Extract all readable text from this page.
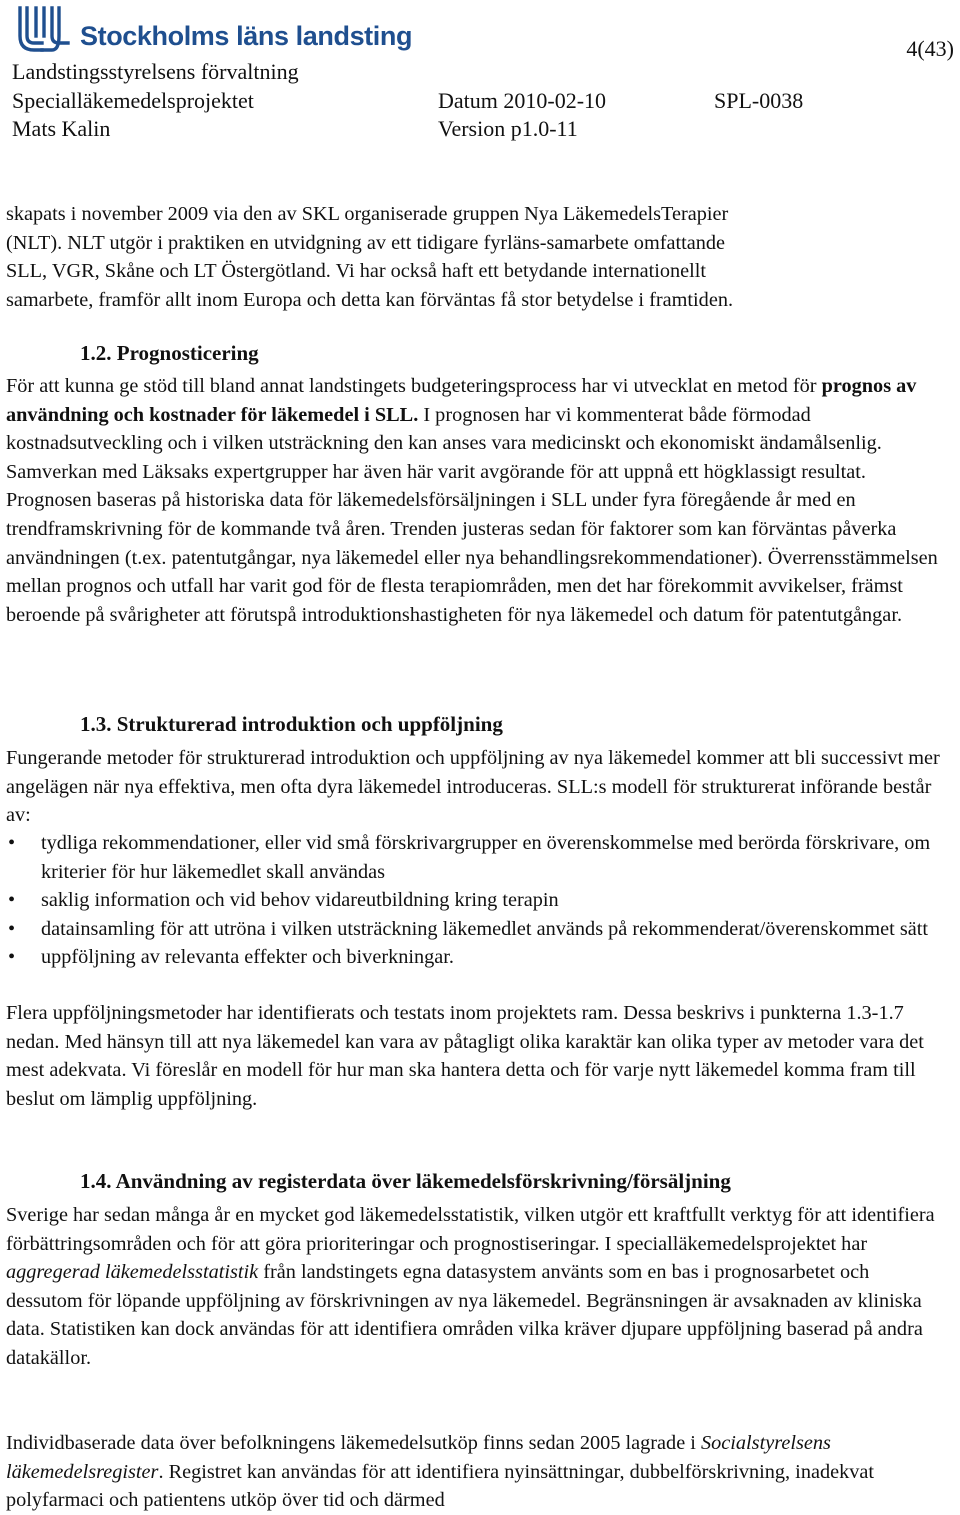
Stockholms läns landsting	4(43)
Landstingsstyrelsens förvaltning
Specialläkemedelsprojektet	Datum 2010-02-10	SPL-0038
Mats Kalin	Version p1.0-11
skapats i november 2009 via den av SKL organiserade gruppen Nya LäkemedelsTerapier
(NLT). NLT utgör i praktiken en utvidgning av ett tidigare fyrläns-samarbete omfattande
SLL, VGR, Skåne och LT Östergötland. Vi har också haft ett betydande internationellt
samarbete, framför allt inom Europa och detta kan förväntas få stor betydelse i framtiden.
1.2. Prognosticering

För att kunna ge stöd till bland annat landstingets budgeteringsprocess har vi utvecklat en metod för prognos av användning och kostnader för läkemedel i SLL. I prognosen har vi kommenterat både förmodad kostnadsutveckling och i vilken utsträckning den kan anses vara medicinskt och ekonomiskt ändamålsenlig. Samverkan med Läksaks expertgrupper har även här varit avgörande för att uppnå ett högklassigt resultat. Prognosen baseras på historiska data för läkemedelsförsäljningen i SLL under fyra föregående år med en trendframskrivning för de kommande två åren. Trenden justeras sedan för faktorer som kan förväntas påverka användningen (t.ex. patentutgångar, nya läkemedel eller nya behandlingsrekommendationer). Överrensstämmelsen mellan prognos och utfall har varit god för de flesta terapiområden, men det har förekommit avvikelser, främst beroende på svårigheter att förutspå introduktionshastigheten för nya läkemedel och datum för patentutgångar.

1.3. Strukturerad introduktion och uppföljning

Fungerande metoder för strukturerad introduktion och uppföljning av nya läkemedel kommer att bli successivt mer angelägen när nya effektiva, men ofta dyra läkemedel introduceras. SLL:s modell för strukturerat införande består av:

• tydliga rekommendationer, eller vid små förskrivargrupper en överenskommelse med berörda förskrivare, om kriterier för hur läkemedlet skall användas
• saklig information och vid behov vidareutbildning kring terapin
• datainsamling för att utröna i vilken utsträckning läkemedlet används på rekommenderat/överenskommet sätt
• uppföljning av relevanta effekter och biverkningar.

Flera uppföljningsmetoder har identifierats och testats inom projektets ram. Dessa beskrivs i punkterna 1.3-1.7 nedan. Med hänsyn till att nya läkemedel kan vara av påtagligt olika karaktär kan olika typer av metoder vara det mest adekvata. Vi föreslår en modell för hur man ska hantera detta och för varje nytt läkemedel komma fram till beslut om lämplig uppföljning.

1.4. Användning av registerdata över läkemedelsförskrivning/försäljning

Sverige har sedan många år en mycket god läkemedelsstatistik, vilken utgör ett kraftfullt verktyg för att identifiera förbättringsområden och för att göra prioriteringar och prognostiseringar. I specialläkemedelsprojektet har aggregerad läkemedelsstatistik från landstingets egna datasystem använts som en bas i prognosarbetet och dessutom för löpande uppföljning av förskrivningen av nya läkemedel. Begränsningen är avsaknaden av kliniska data. Statistiken kan dock användas för att identifiera områden vilka kräver djupare uppföljning baserad på andra datakällor.

Individbaserade data över befolkningens läkemedelsutköp finns sedan 2005 lagrade i Socialstyrelsens läkemedelsregister. Registret kan användas för att identifiera nyinsättningar, dubbelförskrivning, inadekvat polyfarmaci och patientens utköp över tid och därmed
